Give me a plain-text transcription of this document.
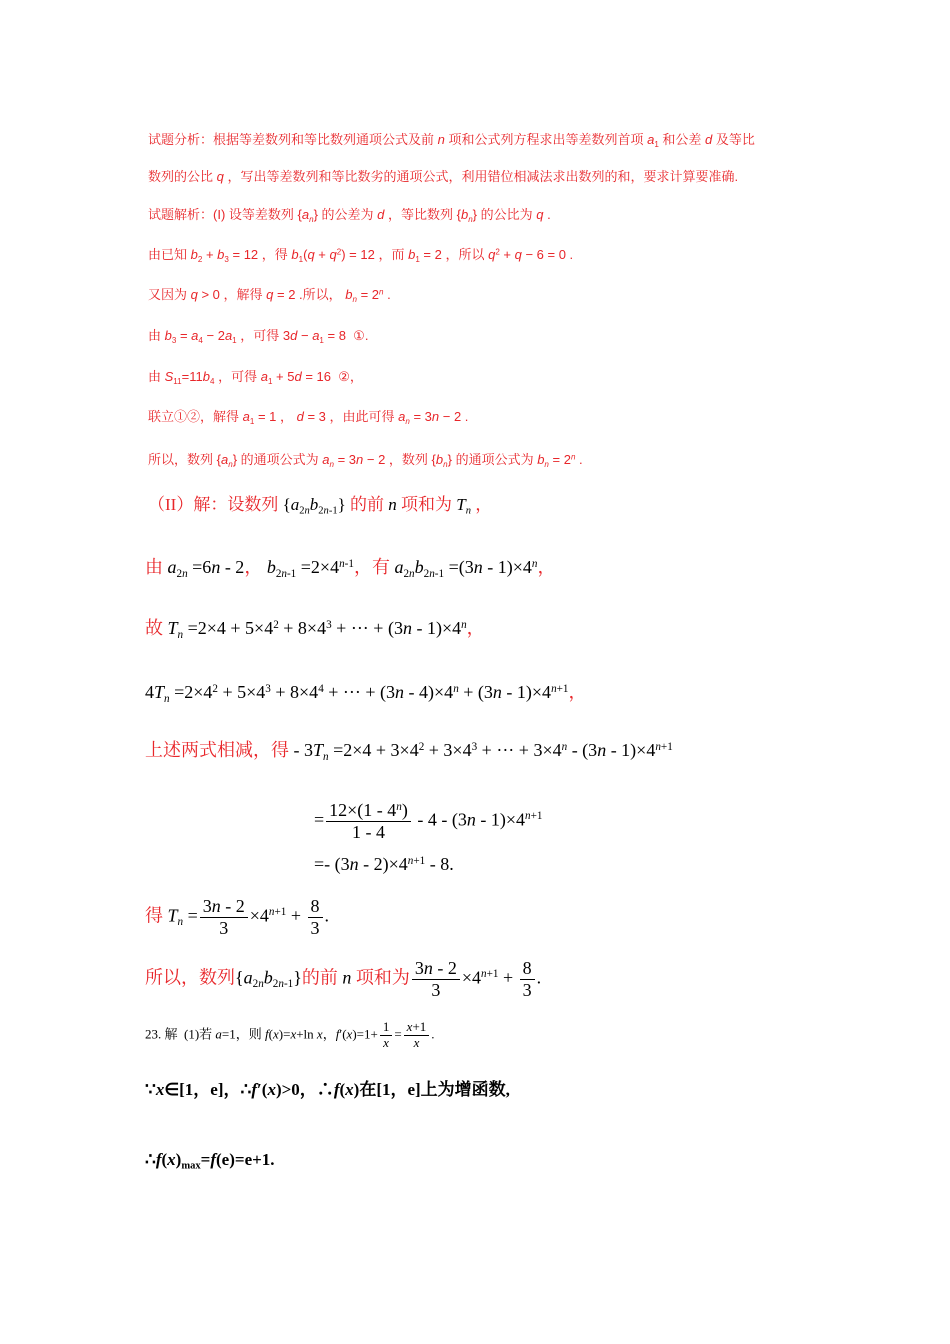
试题分析：根据等差数列和等比数列通项公式及前 n 项和公式列方程求出等差数列首项 $a_1$ 和公差 d 及等比
数列的公比 q ，写出等差数列和等比数劣的通项公式，利用错位相减法求出数列的和，要求计算要准确.
试题解析：(I) 设等差数列 $\{a_n\}$ 的公差为 d ，等比数列 $\{b_n\}$ 的公比为 q .
由已知 $b_2 + b_3 = 12$ ，得 $b_1(q + q^2) = 12$ ，而 $b_1 = 2$ ，所以 $q^2 + q - 6 = 0$ .
又因为 q > 0 ，解得 q = 2 .所以， $b_n = 2^n$ .
由 $b_3 = a_4 - 2a_1$ ，可得 $3d - a_1 = 8$  ①.
由 $S_{11}=11b_4$ ，可得 $a_1 + 5d = 16$  ②，
联立①②，解得 $a_1 = 1$ ， d = 3 ，由此可得 $a_n = 3n - 2$ .
所以，数列 $\{a_n\}$ 的通项公式为 $a_n = 3n - 2$ ，数列 $\{b_n\}$ 的通项公式为 $b_n = 2^n$ .
（II）解：设数列 $\{a_{2n}b_{2n-1}\}$ 的前 n 项和为 $T_n$ ，
由 $a_{2n} =6n - 2$， $b_{2n-1} =2\times 4^{n-1}$，有 $a_{2n}b_{2n-1} =(3n - 1)\times 4^n$，
故 $T_n =2\times 4 + 5\times 4^2 + 8\times 4^3$ + ··· + $(3n - 1)\times 4^n$，
$4T_n =2\times 4^2 + 5\times 4^3 + 8\times 4^4$ + ··· + $(3n - 4)\times 4^n + (3n - 1)\times 4^{n+1}$，
上述两式相减，得 - $3T_n =2\times 4 + 3\times 4^2 + 3\times 4^3$ + ··· + $3\times 4^n - (3n - 1)\times 4^{n+1}$
= $\frac{12\times(1 - 4^n)}{1 - 4} - 4 - (3n - 1)\times 4^{n+1}$
=- $(3n - 2)\times 4^{n+1} - 8$.
得 $T_n = \frac{3n - 2}{3} \times 4^{n+1} + \frac{8}{3}$ .
所以，数列$\{a_{2n}b_{2n-1}\}$的前 n 项和为 $\frac{3n - 2}{3} \times 4^{n+1} + \frac{8}{3}$ .
23. 解  (1)若 a=1，则 f(x)=x+ln x，$f'(x)=1+ \frac{1}{x} = \frac{x+1}{x}$ .
∵x∈[1，e]，∴f′(x)>0，∴f(x)在[1，e]上为增函数,
$\therefore f(x)_{max}=f(e)=e+1$.
